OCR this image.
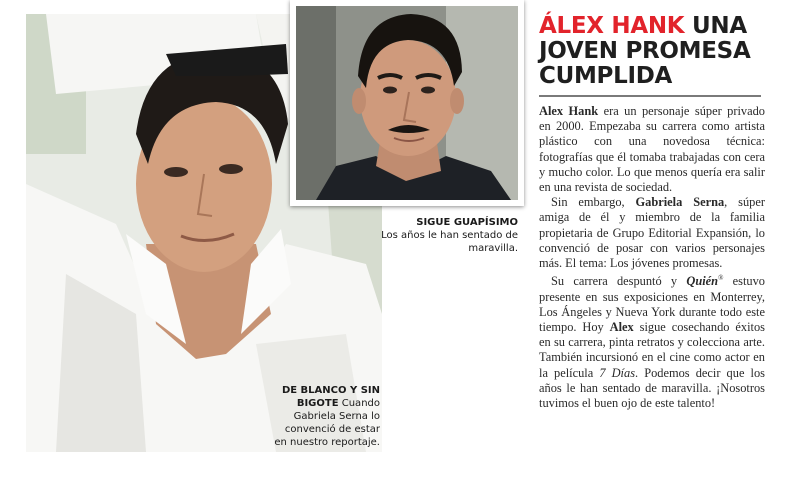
SIGUE GUAPÍSIMO
Los años le han sentado de maravilla.
DE BLANCO Y SIN BIGOTE Cuando Gabriela Serna lo convenció de estar en nuestro reportaje.
ÁLEX HANK UNA JOVEN PROMESA CUMPLIDA

Alex Hank era un personaje súper privado en 2000. Empezaba su carrera como artista plástico con una novedosa técnica: fotografías que él tomaba trabajadas con cera y mucho color. Lo que menos quería era salir en una revista de sociedad.

Sin embargo, Gabriela Serna, súper amiga de él y miembro de la familia propietaria de Grupo Editorial Expansión, lo convenció de posar con varios personajes más. El tema: Los jóvenes promesas.

Su carrera despuntó y Quién® estuvo presente en sus exposiciones en Monterrey, Los Ángeles y Nueva York durante todo este tiempo. Hoy Alex sigue cosechando éxitos en su carrera, pinta retratos y colecciona arte. También incursionó en el cine como actor en la película 7 Días. Podemos decir que los años le han sentado de maravilla. ¡Nosotros tuvimos el buen ojo de este talento!
